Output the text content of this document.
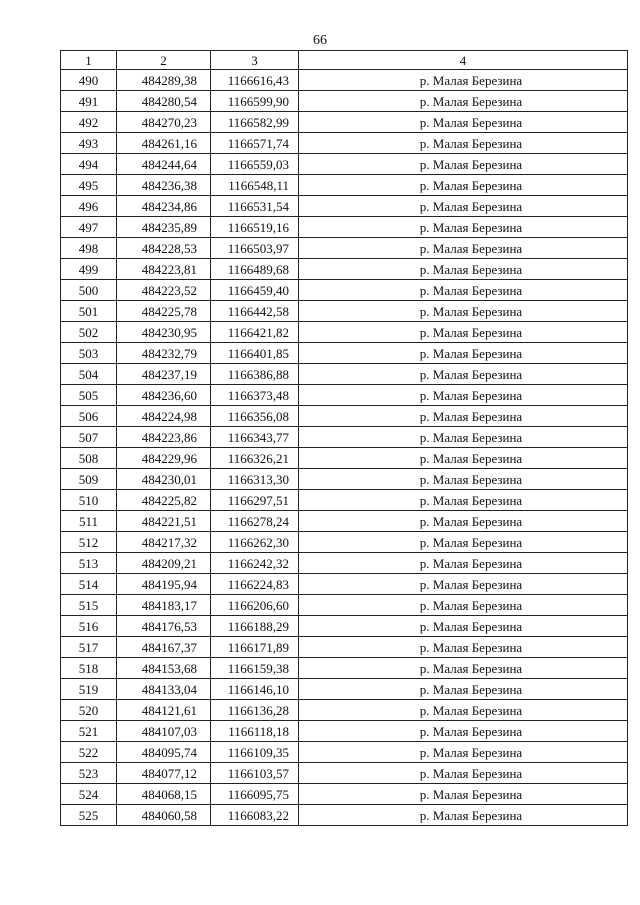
66
1	2	3	4
490	484289,38	1166616,43	р. Малая Березина
491	484280,54	1166599,90	р. Малая Березина
492	484270,23	1166582,99	р. Малая Березина
493	484261,16	1166571,74	р. Малая Березина
494	484244,64	1166559,03	р. Малая Березина
495	484236,38	1166548,11	р. Малая Березина
496	484234,86	1166531,54	р. Малая Березина
497	484235,89	1166519,16	р. Малая Березина
498	484228,53	1166503,97	р. Малая Березина
499	484223,81	1166489,68	р. Малая Березина
500	484223,52	1166459,40	р. Малая Березина
501	484225,78	1166442,58	р. Малая Березина
502	484230,95	1166421,82	р. Малая Березина
503	484232,79	1166401,85	р. Малая Березина
504	484237,19	1166386,88	р. Малая Березина
505	484236,60	1166373,48	р. Малая Березина
506	484224,98	1166356,08	р. Малая Березина
507	484223,86	1166343,77	р. Малая Березина
508	484229,96	1166326,21	р. Малая Березина
509	484230,01	1166313,30	р. Малая Березина
510	484225,82	1166297,51	р. Малая Березина
511	484221,51	1166278,24	р. Малая Березина
512	484217,32	1166262,30	р. Малая Березина
513	484209,21	1166242,32	р. Малая Березина
514	484195,94	1166224,83	р. Малая Березина
515	484183,17	1166206,60	р. Малая Березина
516	484176,53	1166188,29	р. Малая Березина
517	484167,37	1166171,89	р. Малая Березина
518	484153,68	1166159,38	р. Малая Березина
519	484133,04	1166146,10	р. Малая Березина
520	484121,61	1166136,28	р. Малая Березина
521	484107,03	1166118,18	р. Малая Березина
522	484095,74	1166109,35	р. Малая Березина
523	484077,12	1166103,57	р. Малая Березина
524	484068,15	1166095,75	р. Малая Березина
525	484060,58	1166083,22	р. Малая Березина
